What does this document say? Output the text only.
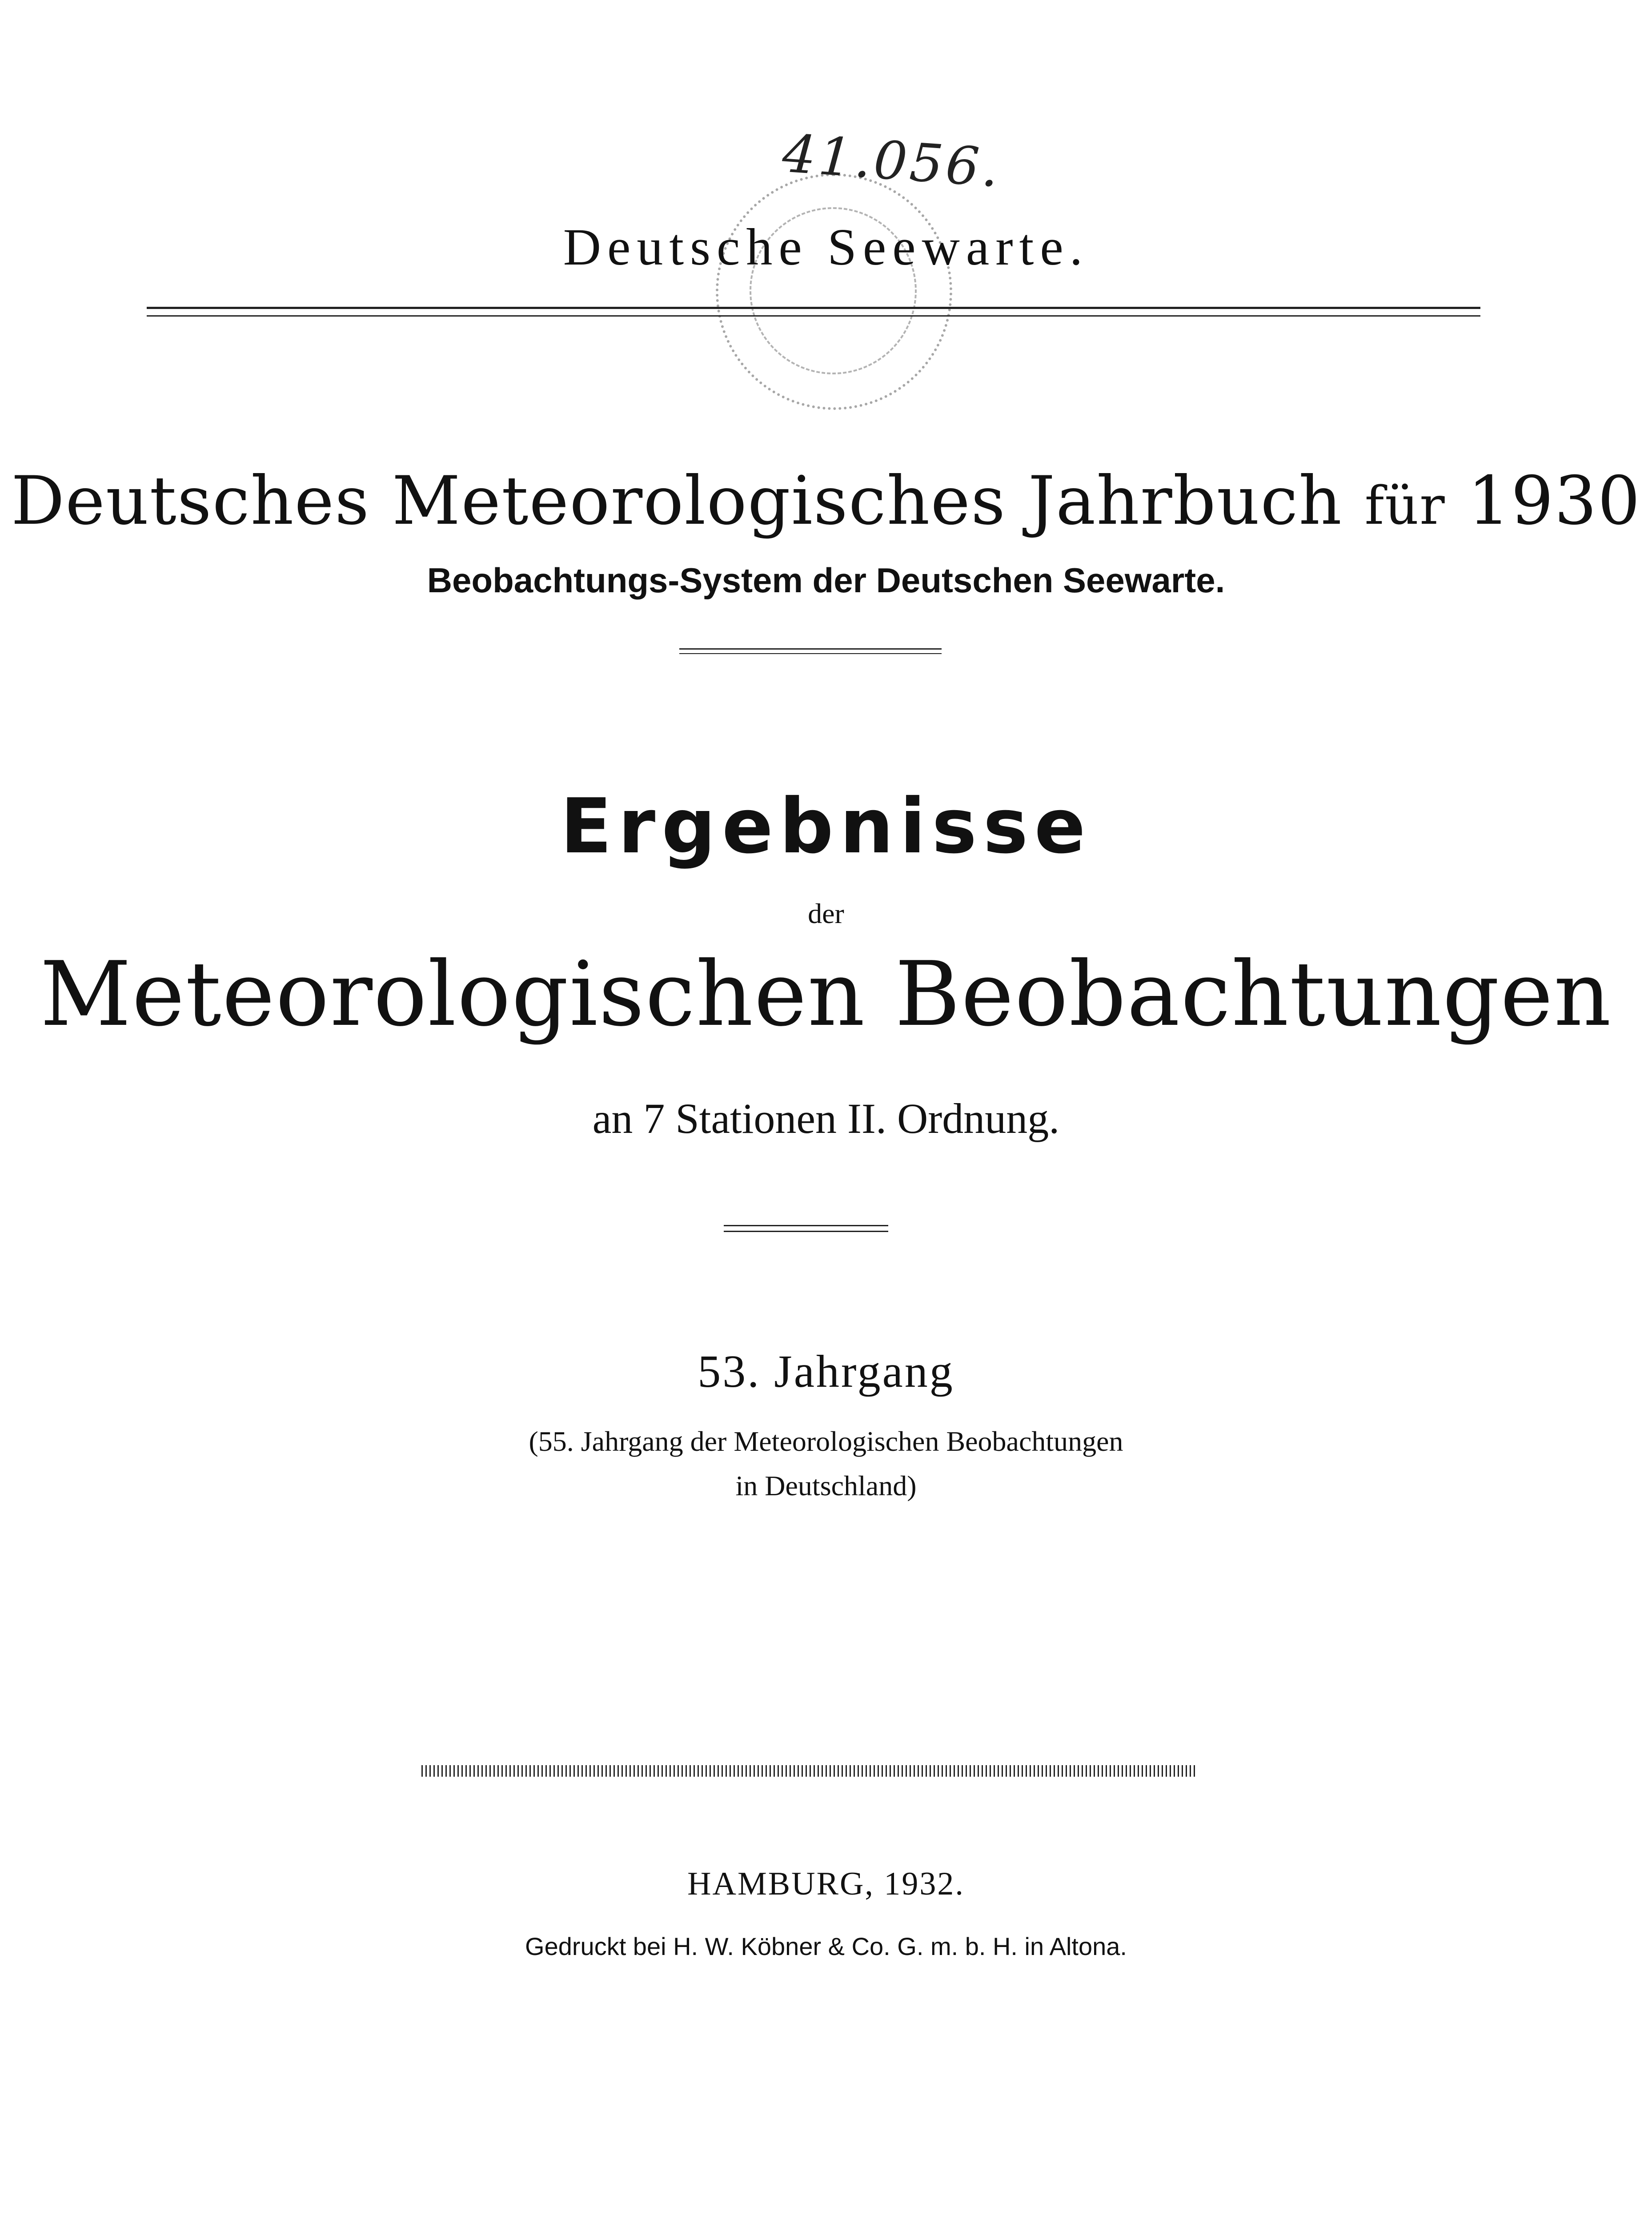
41.056.
Deutsche Seewarte.
Deutsches Meteorologisches Jahrbuch für 1930
Beobachtungs-System der Deutschen Seewarte.
Ergebnisse
der
Meteorologischen Beobachtungen
an 7 Stationen II. Ordnung.
53. Jahrgang
(55. Jahrgang der Meteorologischen Beobachtungen
in Deutschland)
HAMBURG, 1932.
Gedruckt bei H. W. Köbner & Co. G. m. b. H. in Altona.
